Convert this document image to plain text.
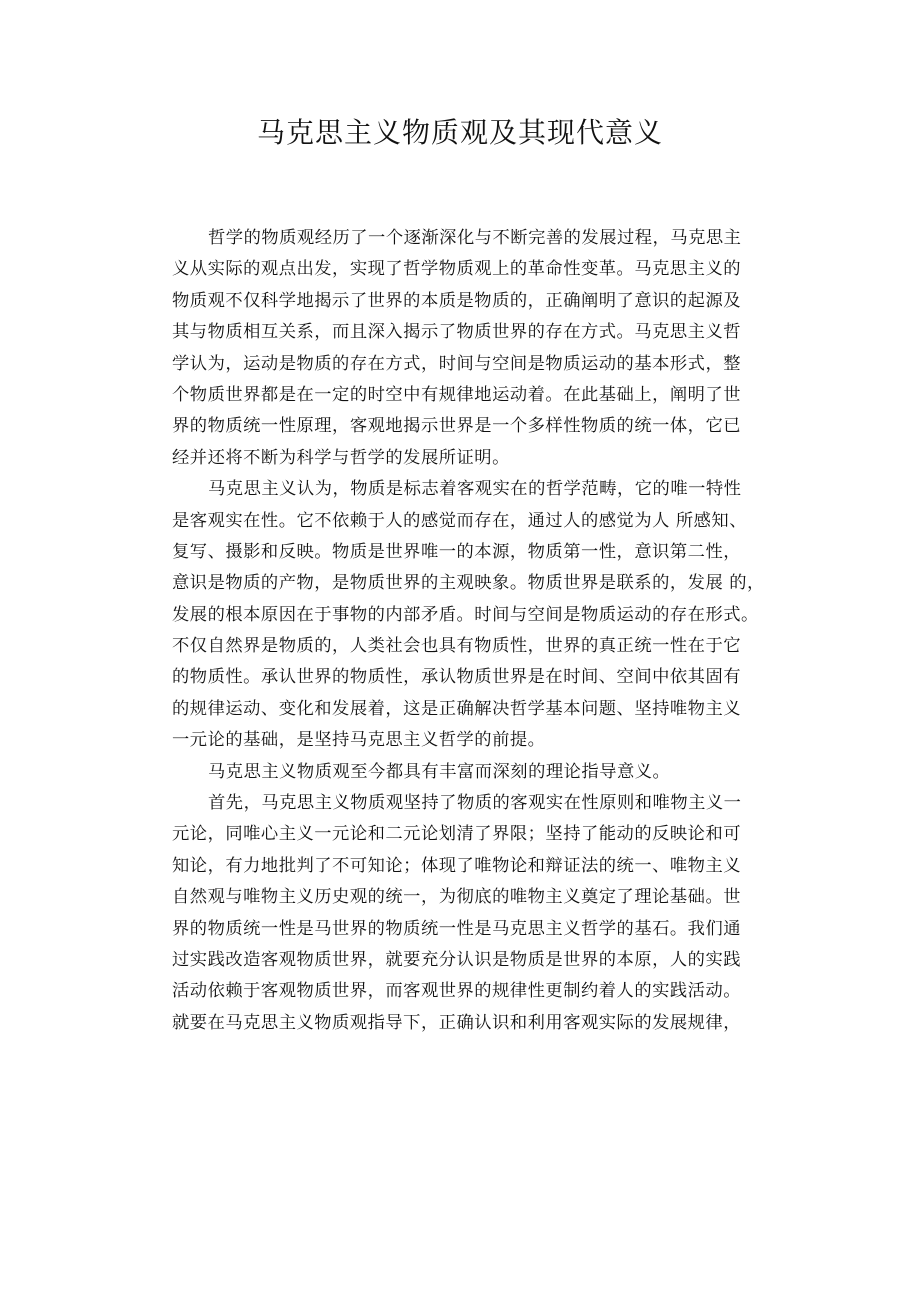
马克思主义物质观及其现代意义
哲学的物质观经历了一个逐渐深化与不断完善的发展过程，马克思主
义从实际的观点出发，实现了哲学物质观上的革命性变革。马克思主义的
物质观不仅科学地揭示了世界的本质是物质的，正确阐明了意识的起源及
其与物质相互关系，而且深入揭示了物质世界的存在方式。马克思主义哲
学认为，运动是物质的存在方式，时间与空间是物质运动的基本形式，整
个物质世界都是在一定的时空中有规律地运动着。在此基础上，阐明了世
界的物质统一性原理，客观地揭示世界是一个多样性物质的统一体，它已
经并还将不断为科学与哲学的发展所证明。
马克思主义认为，物质是标志着客观实在的哲学范畴，它的唯一特性
是客观实在性。它不依赖于人的感觉而存在，通过人的感觉为人 所感知、
复写、摄影和反映。物质是世界唯一的本源，物质第一性，意识第二性，
意识是物质的产物，是物质世界的主观映象。物质世界是联系的，发展 的，
发展的根本原因在于事物的内部矛盾。时间与空间是物质运动的存在形式。
不仅自然界是物质的，人类社会也具有物质性，世界的真正统一性在于它
的物质性。承认世界的物质性，承认物质世界是在时间、空间中依其固有
的规律运动、变化和发展着，这是正确解决哲学基本问题、坚持唯物主义
一元论的基础，是坚持马克思主义哲学的前提。
马克思主义物质观至今都具有丰富而深刻的理论指导意义。
首先，马克思主义物质观坚持了物质的客观实在性原则和唯物主义一
元论，同唯心主义一元论和二元论划清了界限；坚持了能动的反映论和可
知论，有力地批判了不可知论；体现了唯物论和辩证法的统一、唯物主义
自然观与唯物主义历史观的统一，为彻底的唯物主义奠定了理论基础。世
界的物质统一性是马世界的物质统一性是马克思主义哲学的基石。我们通
过实践改造客观物质世界，就要充分认识是物质是世界的本原，人的实践
活动依赖于客观物质世界，而客观世界的规律性更制约着人的实践活动。
就要在马克思主义物质观指导下，正确认识和利用客观实际的发展规律，
